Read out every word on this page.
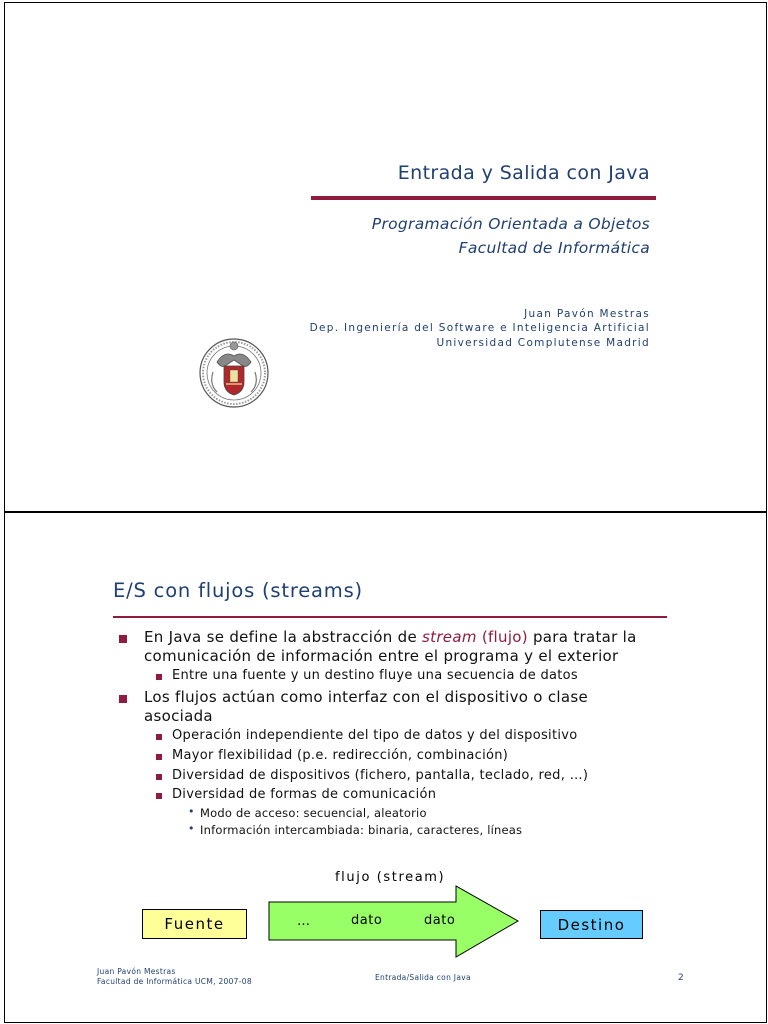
Entrada y Salida con Java
Programación Orientada a Objetos
Facultad de Informática
Juan Pavón Mestras
Dep. Ingeniería del Software e Inteligencia Artificial
Universidad Complutense Madrid
E/S con flujos (streams)
En Java se define la abstracción de stream (flujo) para tratar la
comunicación de información entre el programa y el exterior
Entre una fuente y un destino fluye una secuencia de datos
Los flujos actúan como interfaz con el dispositivo o clase
asociada
Operación independiente del tipo de datos y del dispositivo
Mayor flexibilidad (p.e. redirección, combinación)
Diversidad de dispositivos (fichero, pantalla, teclado, red, …)
Diversidad de formas de comunicación
• Modo de acceso: secuencial, aleatorio
• Información intercambiada: binaria, caracteres, líneas
flujo (stream)
Fuente	…	dato	dato	Destino
Juan Pavón Mestras
Facultad de Informática UCM, 2007-08	Entrada/Salida con Java	2
